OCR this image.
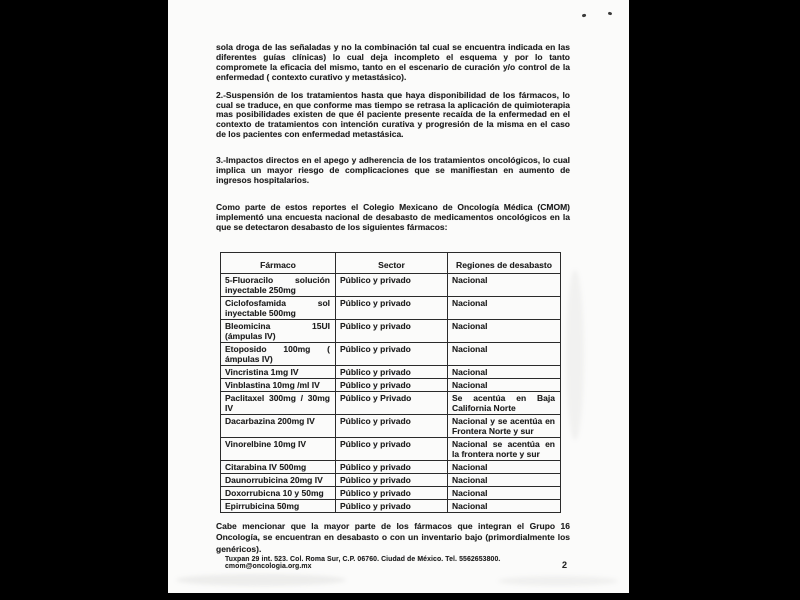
sola droga de las señaladas y no la combinación tal cual se encuentra indicada en las diferentes guías clínicas) lo cual deja incompleto el esquema y por lo tanto compromete la eficacia del mismo, tanto en el escenario de curación y/o control de la enfermedad ( contexto curativo y metastásico).

2.-Suspensión de los tratamientos hasta que haya disponibilidad de los fármacos, lo cual se traduce, en que conforme mas tiempo se retrasa la aplicación de quimioterapia mas posibilidades existen de que él paciente presente recaída de la enfermedad en el contexto de tratamientos con intención curativa y progresión de la misma en el caso de los pacientes con enfermedad metastásica.

3.-Impactos directos en el apego y adherencia de los tratamientos oncológicos, lo cual implica un mayor riesgo de complicaciones que se manifiestan en aumento de ingresos hospitalarios.

Como parte de estos reportes el Colegio Mexicano de Oncología Médica (CMOM) implementó una encuesta nacional de desabasto de medicamentos oncológicos en la que se detectaron desabasto de los siguientes fármacos:

Fármaco	Sector	Regiones de desabasto
5-Fluoracilo solución inyectable 250mg	Público y privado	Nacional
Ciclofosfamida sol inyectable 500mg	Público y privado	Nacional
Bleomicina 15UI (ámpulas IV)	Público y privado	Nacional
Etoposido 100mg ( ámpulas IV)	Público y privado	Nacional
Vincristina 1mg IV	Público y privado	Nacional
Vinblastina 10mg /ml IV	Público y privado	Nacional
Paclitaxel 300mg / 30mg IV	Público y Privado	Se acentúa en Baja California Norte
Dacarbazina 200mg IV	Público y privado	Nacional y se acentúa en Frontera Norte y sur
Vinorelbine 10mg IV	Público y privado	Nacional se acentúa en la frontera norte y sur
Citarabina IV 500mg	Público y privado	Nacional
Daunorrubicina 20mg IV	Público y privado	Nacional
Doxorrubicna 10 y 50mg	Público y privado	Nacional
Epirrubicina 50mg	Público y privado	Nacional

Cabe mencionar que la mayor parte de los fármacos que integran el Grupo 16 Oncología, se encuentran en desabasto o con un inventario bajo (primordialmente los genéricos).

Tuxpan 29 int. 523. Col. Roma Sur, C.P. 06760. Ciudad de México. Tel. 5562653800. cmom@oncologia.org.mx	2
